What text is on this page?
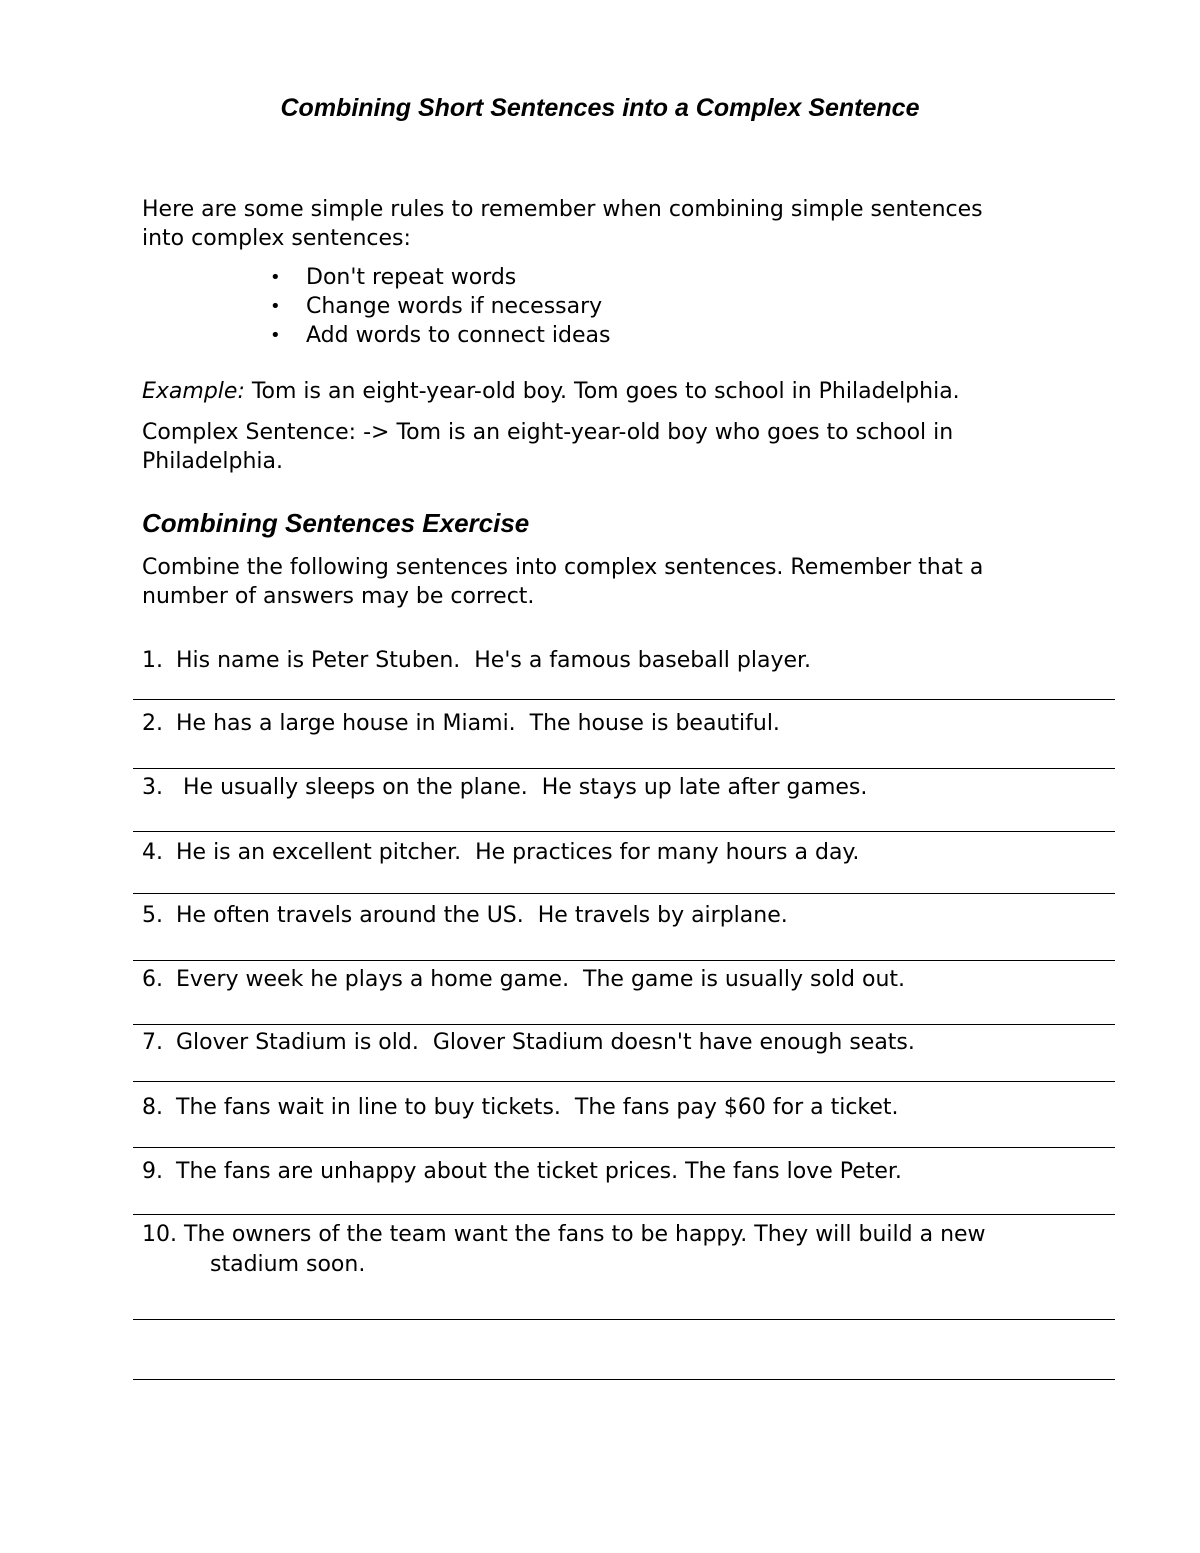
Combining Short Sentences into a Complex Sentence

Here are some simple rules to remember when combining simple sentences
into complex sentences:

• Don't repeat words
• Change words if necessary
• Add words to connect ideas

Example: Tom is an eight-year-old boy. Tom goes to school in Philadelphia.

Complex Sentence: -> Tom is an eight-year-old boy who goes to school in
Philadelphia.

Combining Sentences Exercise

Combine the following sentences into complex sentences. Remember that a
number of answers may be correct.

1. His name is Peter Stuben.  He's a famous baseball player.

2. He has a large house in Miami.  The house is beautiful.

3. He usually sleeps on the plane.  He stays up late after games.

4. He is an excellent pitcher.  He practices for many hours a day.

5. He often travels around the US.  He travels by airplane.

6. Every week he plays a home game.  The game is usually sold out.

7. Glover Stadium is old.  Glover Stadium doesn't have enough seats.

8. The fans wait in line to buy tickets.  The fans pay $60 for a ticket.

9. The fans are unhappy about the ticket prices. The fans love Peter.

10. The owners of the team want the fans to be happy. They will build a new
stadium soon.
